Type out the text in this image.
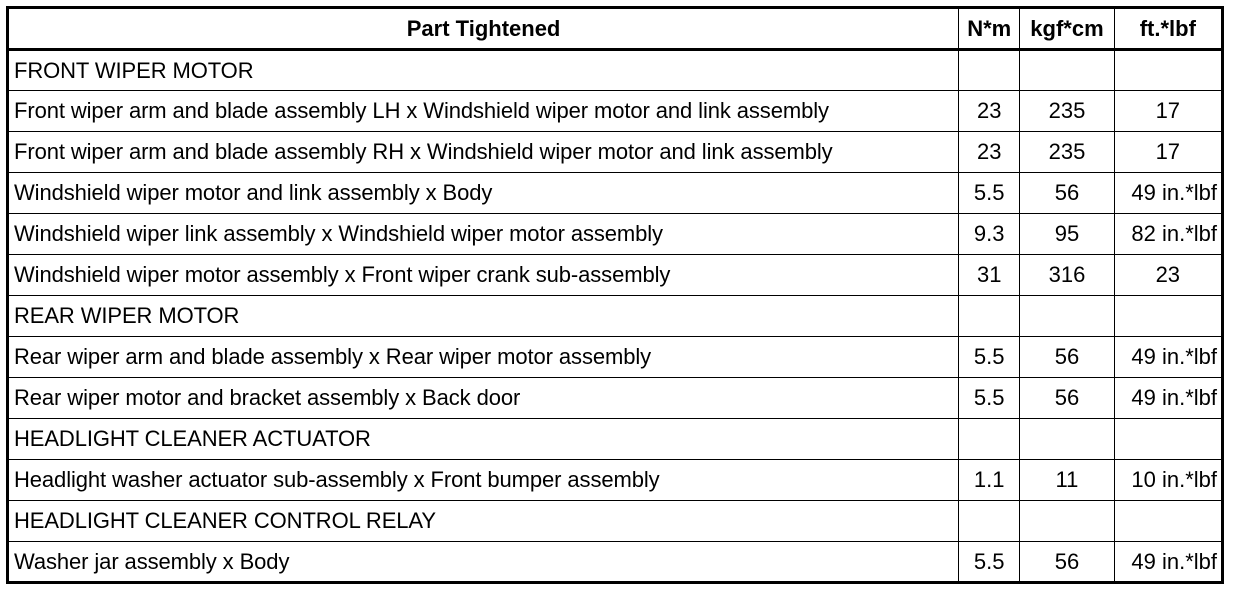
Part Tightened	N*m	kgf*cm	ft.*lbf
FRONT WIPER MOTOR			
Front wiper arm and blade assembly LH x Windshield wiper motor and link assembly	23	235	17
Front wiper arm and blade assembly RH x Windshield wiper motor and link assembly	23	235	17
Windshield wiper motor and link assembly x Body	5.5	56	49 in.*lbf
Windshield wiper link assembly x Windshield wiper motor assembly	9.3	95	82 in.*lbf
Windshield wiper motor assembly x Front wiper crank sub-assembly	31	316	23
REAR WIPER MOTOR			
Rear wiper arm and blade assembly x Rear wiper motor assembly	5.5	56	49 in.*lbf
Rear wiper motor and bracket assembly x Back door	5.5	56	49 in.*lbf
HEADLIGHT CLEANER ACTUATOR			
Headlight washer actuator sub-assembly x Front bumper assembly	1.1	11	10 in.*lbf
HEADLIGHT CLEANER CONTROL RELAY			
Washer jar assembly x Body	5.5	56	49 in.*lbf
